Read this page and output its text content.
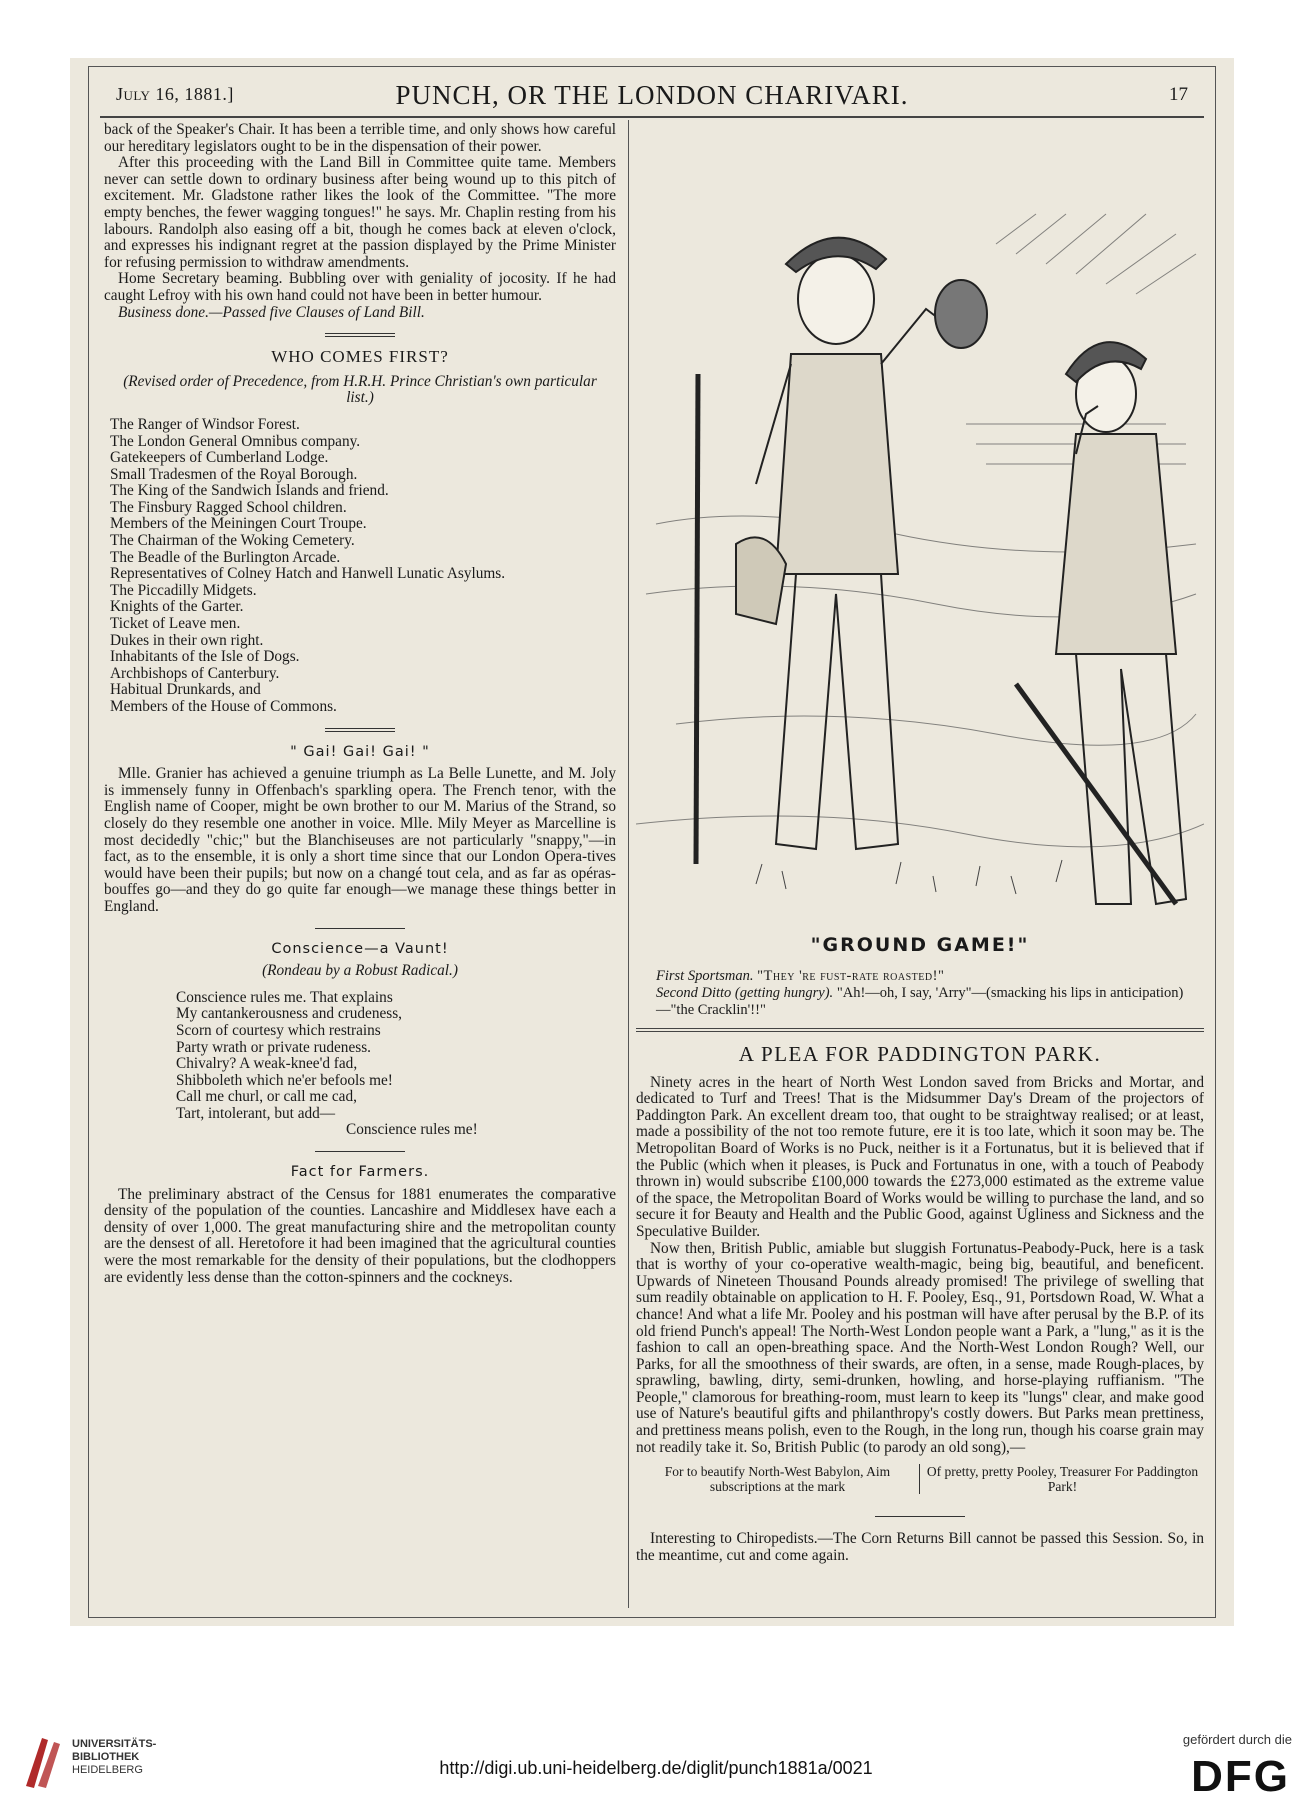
July 16, 1881.]	PUNCH, OR THE LONDON CHARIVARI.	17

back of the Speaker's Chair. It has been a terrible time, and only shows how careful our hereditary legislators ought to be in the dispensation of their power.

After this proceeding with the Land Bill in Committee quite tame. Members never can settle down to ordinary business after being wound up to this pitch of excitement. Mr. Gladstone rather likes the look of the Committee. "The more empty benches, the fewer wagging tongues!" he says. Mr. Chaplin resting from his labours. Randolph also easing off a bit, though he comes back at eleven o'clock, and expresses his indignant regret at the passion displayed by the Prime Minister for refusing permission to withdraw amendments.

Home Secretary beaming. Bubbling over with geniality of jocosity. If he had caught Lefroy with his own hand could not have been in better humour.

Business done.—Passed five Clauses of Land Bill.

WHO COMES FIRST?
(Revised order of Precedence, from H.R.H. Prince Christian's own particular list.)
The Ranger of Windsor Forest.
The London General Omnibus company.
Gatekeepers of Cumberland Lodge.
Small Tradesmen of the Royal Borough.
The King of the Sandwich Islands and friend.
The Finsbury Ragged School children.
Members of the Meiningen Court Troupe.
The Chairman of the Woking Cemetery.
The Beadle of the Burlington Arcade.
Representatives of Colney Hatch and Hanwell Lunatic Asylums.
The Piccadilly Midgets.
Knights of the Garter.
Ticket of Leave men.
Dukes in their own right.
Inhabitants of the Isle of Dogs.
Archbishops of Canterbury.
Habitual Drunkards, and
Members of the House of Commons.
" Gai! Gai! Gai! "

Mlle. Granier has achieved a genuine triumph as La Belle Lunette, and M. Joly is immensely funny in Offenbach's sparkling opera. The French tenor, with the English name of Cooper, might be own brother to our M. Marius of the Strand, so closely do they resemble one another in voice. Mlle. Mily Meyer as Marcelline is most decidedly "chic;" but the Blanchiseuses are not particularly "snappy,"—in fact, as to the ensemble, it is only a short time since that our London Opera-tives would have been their pupils; but now on a changé tout cela, and as far as opéras-bouffes go—and they do go quite far enough—we manage these things better in England.

Conscience—a Vaunt!
(Rondeau by a Robust Radical.)
Conscience rules me. That explains
My cantankerousness and crudeness,
Scorn of courtesy which restrains
Party wrath or private rudeness.
Chivalry? A weak-knee'd fad,
Shibboleth which ne'er befools me!
Call me churl, or call me cad,
Tart, intolerant, but add—
Conscience rules me!
Fact for Farmers.

The preliminary abstract of the Census for 1881 enumerates the comparative density of the population of the counties. Lancashire and Middlesex have each a density of over 1,000. The great manufacturing shire and the metropolitan county are the densest of all. Heretofore it had been imagined that the agricultural counties were the most remarkable for the density of their populations, but the clodhoppers are evidently less dense than the cotton-spinners and the cockneys.

"GROUND GAME!"
First Sportsman. "They 're fust-rate roasted!"
Second Ditto (getting hungry). "Ah!—oh, I say, 'Arry"—(smacking his lips in anticipation)—"the Cracklin'!!"
A PLEA FOR PADDINGTON PARK.

Ninety acres in the heart of North West London saved from Bricks and Mortar, and dedicated to Turf and Trees! That is the Midsummer Day's Dream of the projectors of Paddington Park. An excellent dream too, that ought to be straightway realised; or at least, made a possibility of the not too remote future, ere it is too late, which it soon may be. The Metropolitan Board of Works is no Puck, neither is it a Fortunatus, but it is believed that if the Public (which when it pleases, is Puck and Fortunatus in one, with a touch of Peabody thrown in) would subscribe £100,000 towards the £273,000 estimated as the extreme value of the space, the Metropolitan Board of Works would be willing to purchase the land, and so secure it for Beauty and Health and the Public Good, against Ugliness and Sickness and the Speculative Builder.

Now then, British Public, amiable but sluggish Fortunatus-Peabody-Puck, here is a task that is worthy of your co-operative wealth-magic, being big, beautiful, and beneficent. Upwards of Nineteen Thousand Pounds already promised! The privilege of swelling that sum readily obtainable on application to H. F. Pooley, Esq., 91, Portsdown Road, W. What a chance! And what a life Mr. Pooley and his postman will have after perusal by the B.P. of its old friend Punch's appeal! The North-West London people want a Park, a "lung," as it is the fashion to call an open-breathing space. And the North-West London Rough? Well, our Parks, for all the smoothness of their swards, are often, in a sense, made Rough-places, by sprawling, bawling, dirty, semi-drunken, howling, and horse-playing ruffianism. "The People," clamorous for breathing-room, must learn to keep its "lungs" clear, and make good use of Nature's beautiful gifts and philanthropy's costly dowers. But Parks mean prettiness, and prettiness means polish, even to the Rough, in the long run, though his coarse grain may not readily take it. So, British Public (to parody an old song),—

For to beautify North-West Babylon, Aim subscriptions at the mark
Of pretty, pretty Pooley, Treasurer For Paddington Park!

Interesting to Chiropedists.—The Corn Returns Bill cannot be passed this Session. So, in the meantime, cut and come again.

UNIVERSITÄTS-
BIBLIOTHEK
HEIDELBERG	http://digi.ub.uni-heidelberg.de/diglit/punch1881a/0021
gefördert durch die
DFG
